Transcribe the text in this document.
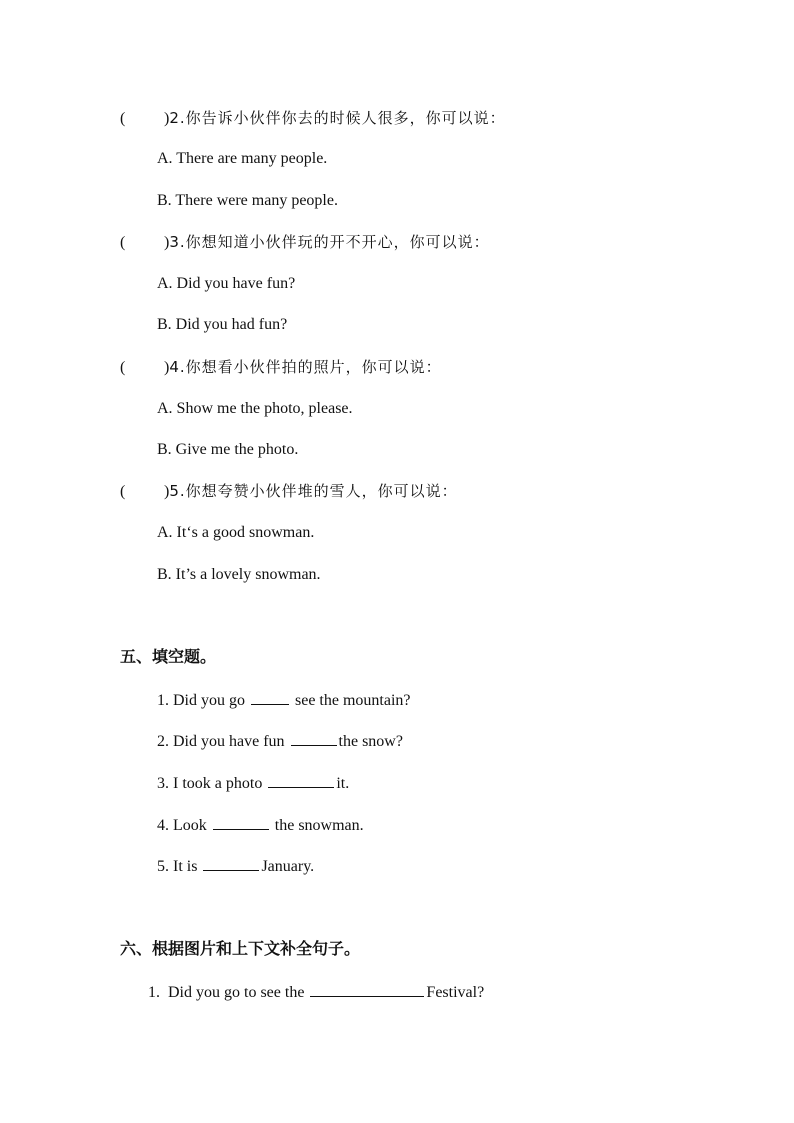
( )2.你告诉小伙伴你去的时候人很多，你可以说：
A. There are many people.
B. There were many people.
( )3.你想知道小伙伴玩的开不开心，你可以说：
A. Did you have fun?
B. Did you had fun?
( )4.你想看小伙伴拍的照片，你可以说：
A. Show me the photo, please.
B. Give me the photo.
( )5.你想夸赞小伙伴堆的雪人，你可以说：
A. It‘s a good snowman.
B. It’s a lovely snowman.
五、填空题。
1. Did you go	see the mountain?
2. Did you have fun	the snow?
3. I took a photo	it.
4. Look	the snowman.
5. It is	January.
六、根据图片和上下文补全句子。
1.  Did you go to see the	Festival?
